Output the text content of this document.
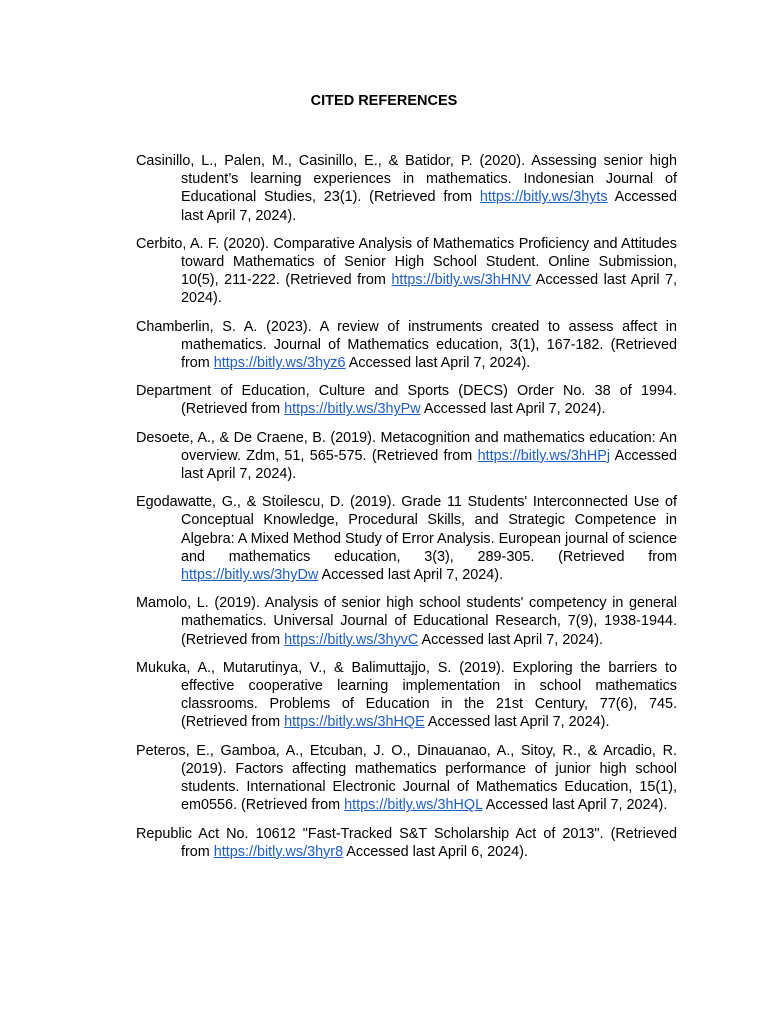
CITED REFERENCES
Casinillo, L., Palen, M., Casinillo, E., & Batidor, P. (2020). Assessing senior high student’s learning experiences in mathematics. Indonesian Journal of Educational Studies, 23(1). (Retrieved from https://bitly.ws/3hyts Accessed last April 7, 2024).
Cerbito, A. F. (2020). Comparative Analysis of Mathematics Proficiency and Attitudes toward Mathematics of Senior High School Student. Online Submission, 10(5), 211-222. (Retrieved from https://bitly.ws/3hHNV Accessed last April 7, 2024).
Chamberlin, S. A. (2023). A review of instruments created to assess affect in mathematics. Journal of Mathematics education, 3(1), 167-182. (Retrieved from https://bitly.ws/3hyz6 Accessed last April 7, 2024).
Department of Education, Culture and Sports (DECS) Order No. 38 of 1994. (Retrieved from https://bitly.ws/3hyPw Accessed last April 7, 2024).
Desoete, A., & De Craene, B. (2019). Metacognition and mathematics education: An overview. Zdm, 51, 565-575. (Retrieved from https://bitly.ws/3hHPj Accessed last April 7, 2024).
Egodawatte, G., & Stoilescu, D. (2019). Grade 11 Students' Interconnected Use of Conceptual Knowledge, Procedural Skills, and Strategic Competence in Algebra: A Mixed Method Study of Error Analysis. European journal of science and mathematics education, 3(3), 289-305. (Retrieved from https://bitly.ws/3hyDw Accessed last April 7, 2024).
Mamolo, L. (2019). Analysis of senior high school students' competency in general mathematics. Universal Journal of Educational Research, 7(9), 1938-1944. (Retrieved from https://bitly.ws/3hyvC Accessed last April 7, 2024).
Mukuka, A., Mutarutinya, V., & Balimuttajjo, S. (2019). Exploring the barriers to effective cooperative learning implementation in school mathematics classrooms. Problems of Education in the 21st Century, 77(6), 745. (Retrieved from https://bitly.ws/3hHQE Accessed last April 7, 2024).
Peteros, E., Gamboa, A., Etcuban, J. O., Dinauanao, A., Sitoy, R., & Arcadio, R. (2019). Factors affecting mathematics performance of junior high school students. International Electronic Journal of Mathematics Education, 15(1), em0556. (Retrieved from https://bitly.ws/3hHQL Accessed last April 7, 2024).
Republic Act No. 10612 "Fast-Tracked S&T Scholarship Act of 2013". (Retrieved from https://bitly.ws/3hyr8 Accessed last April 6, 2024).
